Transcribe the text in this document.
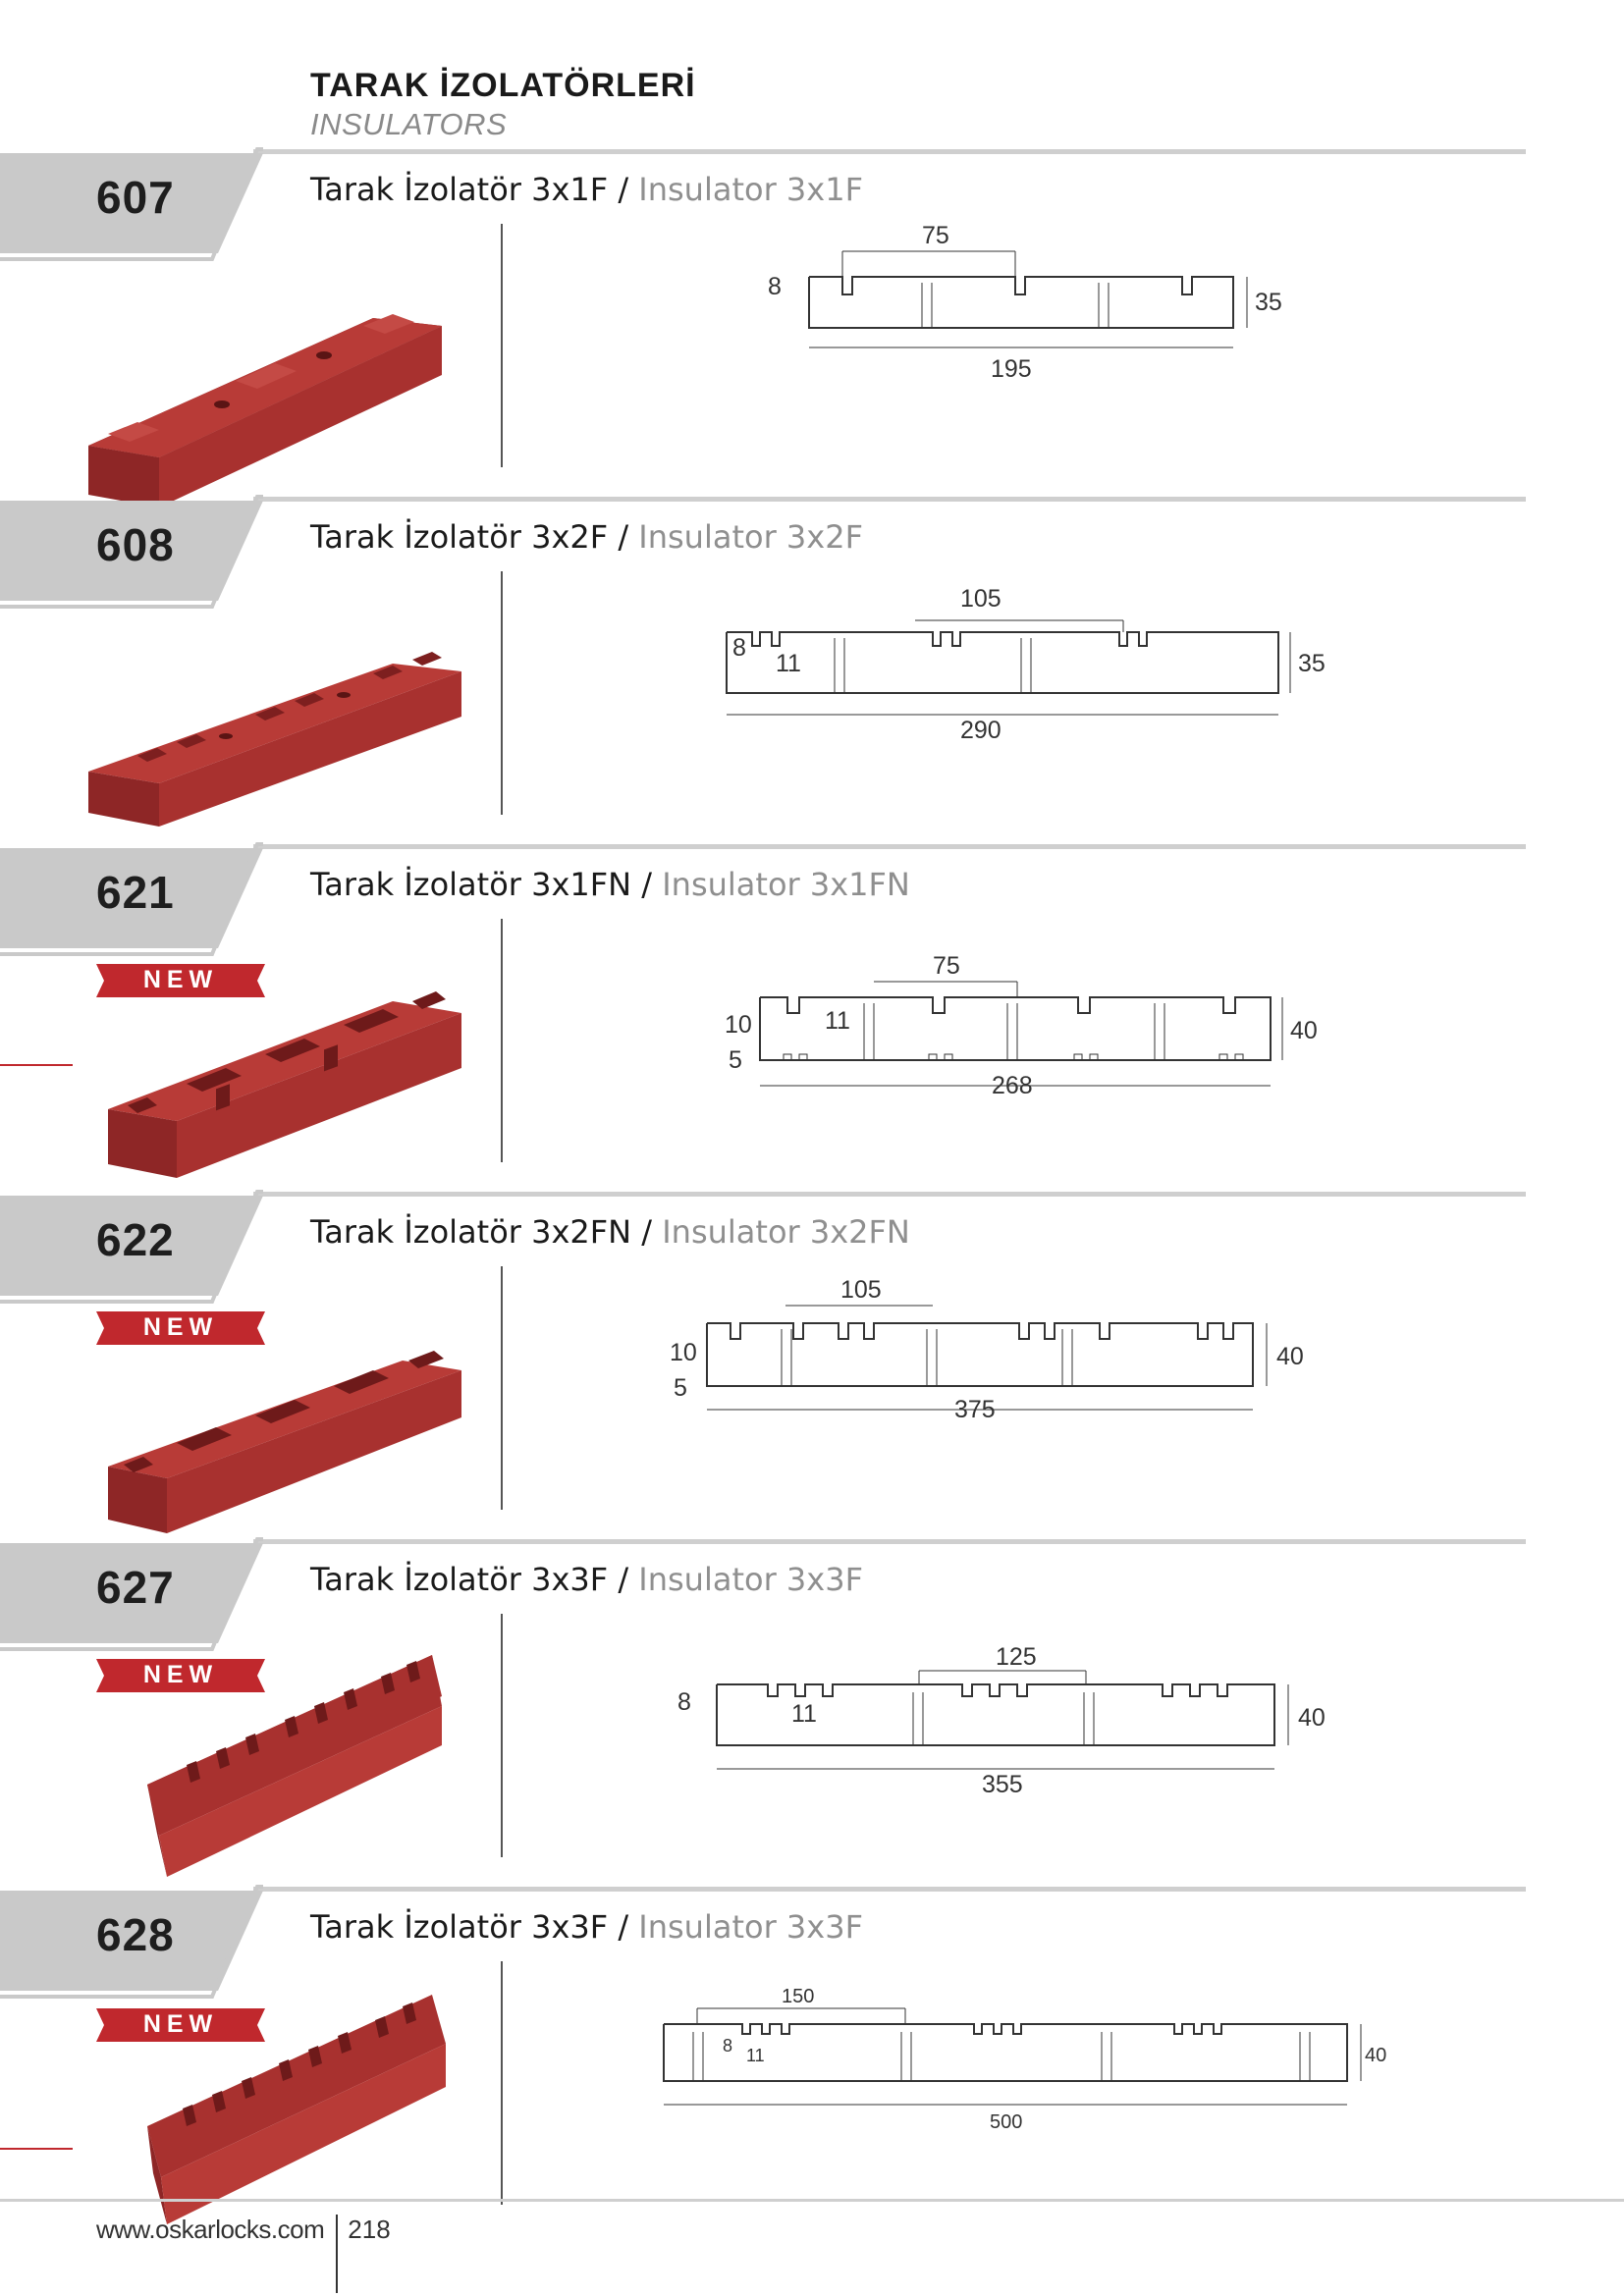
TARAK İZOLATÖRLERİ
INSULATORS
607	Tarak İzolatör 3x1F / Insulator 3x1F
75
195
8
35
608	Tarak İzolatör 3x2F / Insulator 3x2F
105
290
8
11	35
621
NEW
Tarak İzolatör 3x1FN / Insulator 3x1FN
75
268
10	11
5
40
622
NEW
Tarak İzolatör 3x2FN / Insulator 3x2FN
105
375
10
5
40
627
NEW
Tarak İzolatör 3x3F / Insulator 3x3F
125
355
8	11	40
628
NEW
Tarak İzolatör 3x3F / Insulator 3x3F
150
500
8 11	40
www.oskarlocks.com 218
